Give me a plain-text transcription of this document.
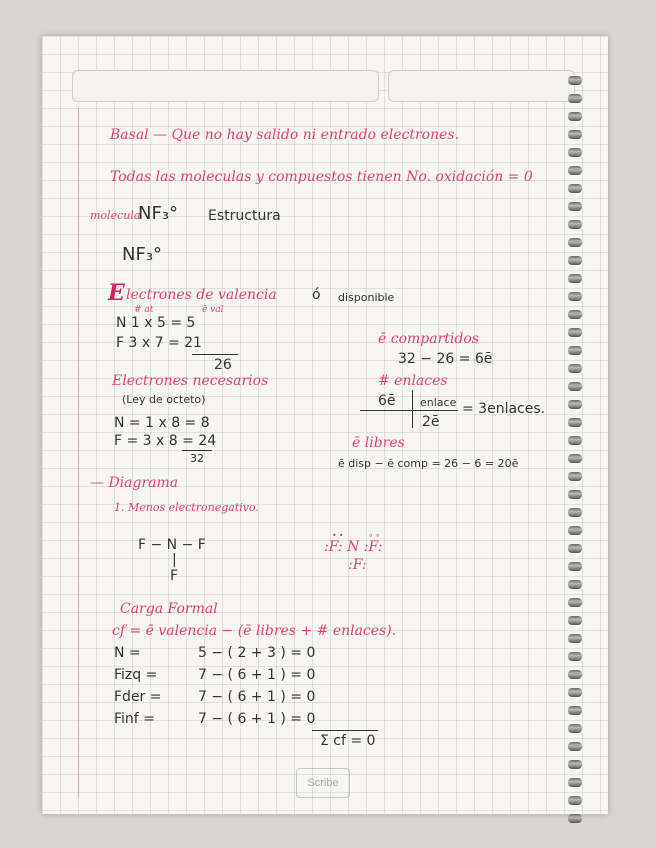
Basal — Que no hay salido ni entrado electrones.
Todas las moleculas y compuestos tienen No. oxidación = 0
molecula
NF₃° Estructura
NF₃°
E lectrones de valencia	ó disponible
# at	ē val
N 1 x 5 = 5
F 3 x 7 = 21
26
ē compartidos
32 − 26 = 6ē
Electrones necesarios
(Ley de octeto)
N = 1 x 8 = 8
F = 3 x 8 = 24
32
# enlaces
6ē enlace
2ē
= 3enlaces.
ē libres
ē disp − ē comp = 26 − 6 = 20ē
— Diagrama
1. Menos electronegativo.
F − N − F
|
F
••     ∘∘
:F: N :F:
:F:
Carga Formal
cf = ē valencia − (ē libres + # enlaces).
N =	5 − ( 2 + 3 ) = 0
Fizq =	7 − ( 6 + 1 ) = 0
Fder =	7 − ( 6 + 1 ) = 0
Finf =	7 − ( 6 + 1 ) = 0
Σ cf = 0
Scribe
